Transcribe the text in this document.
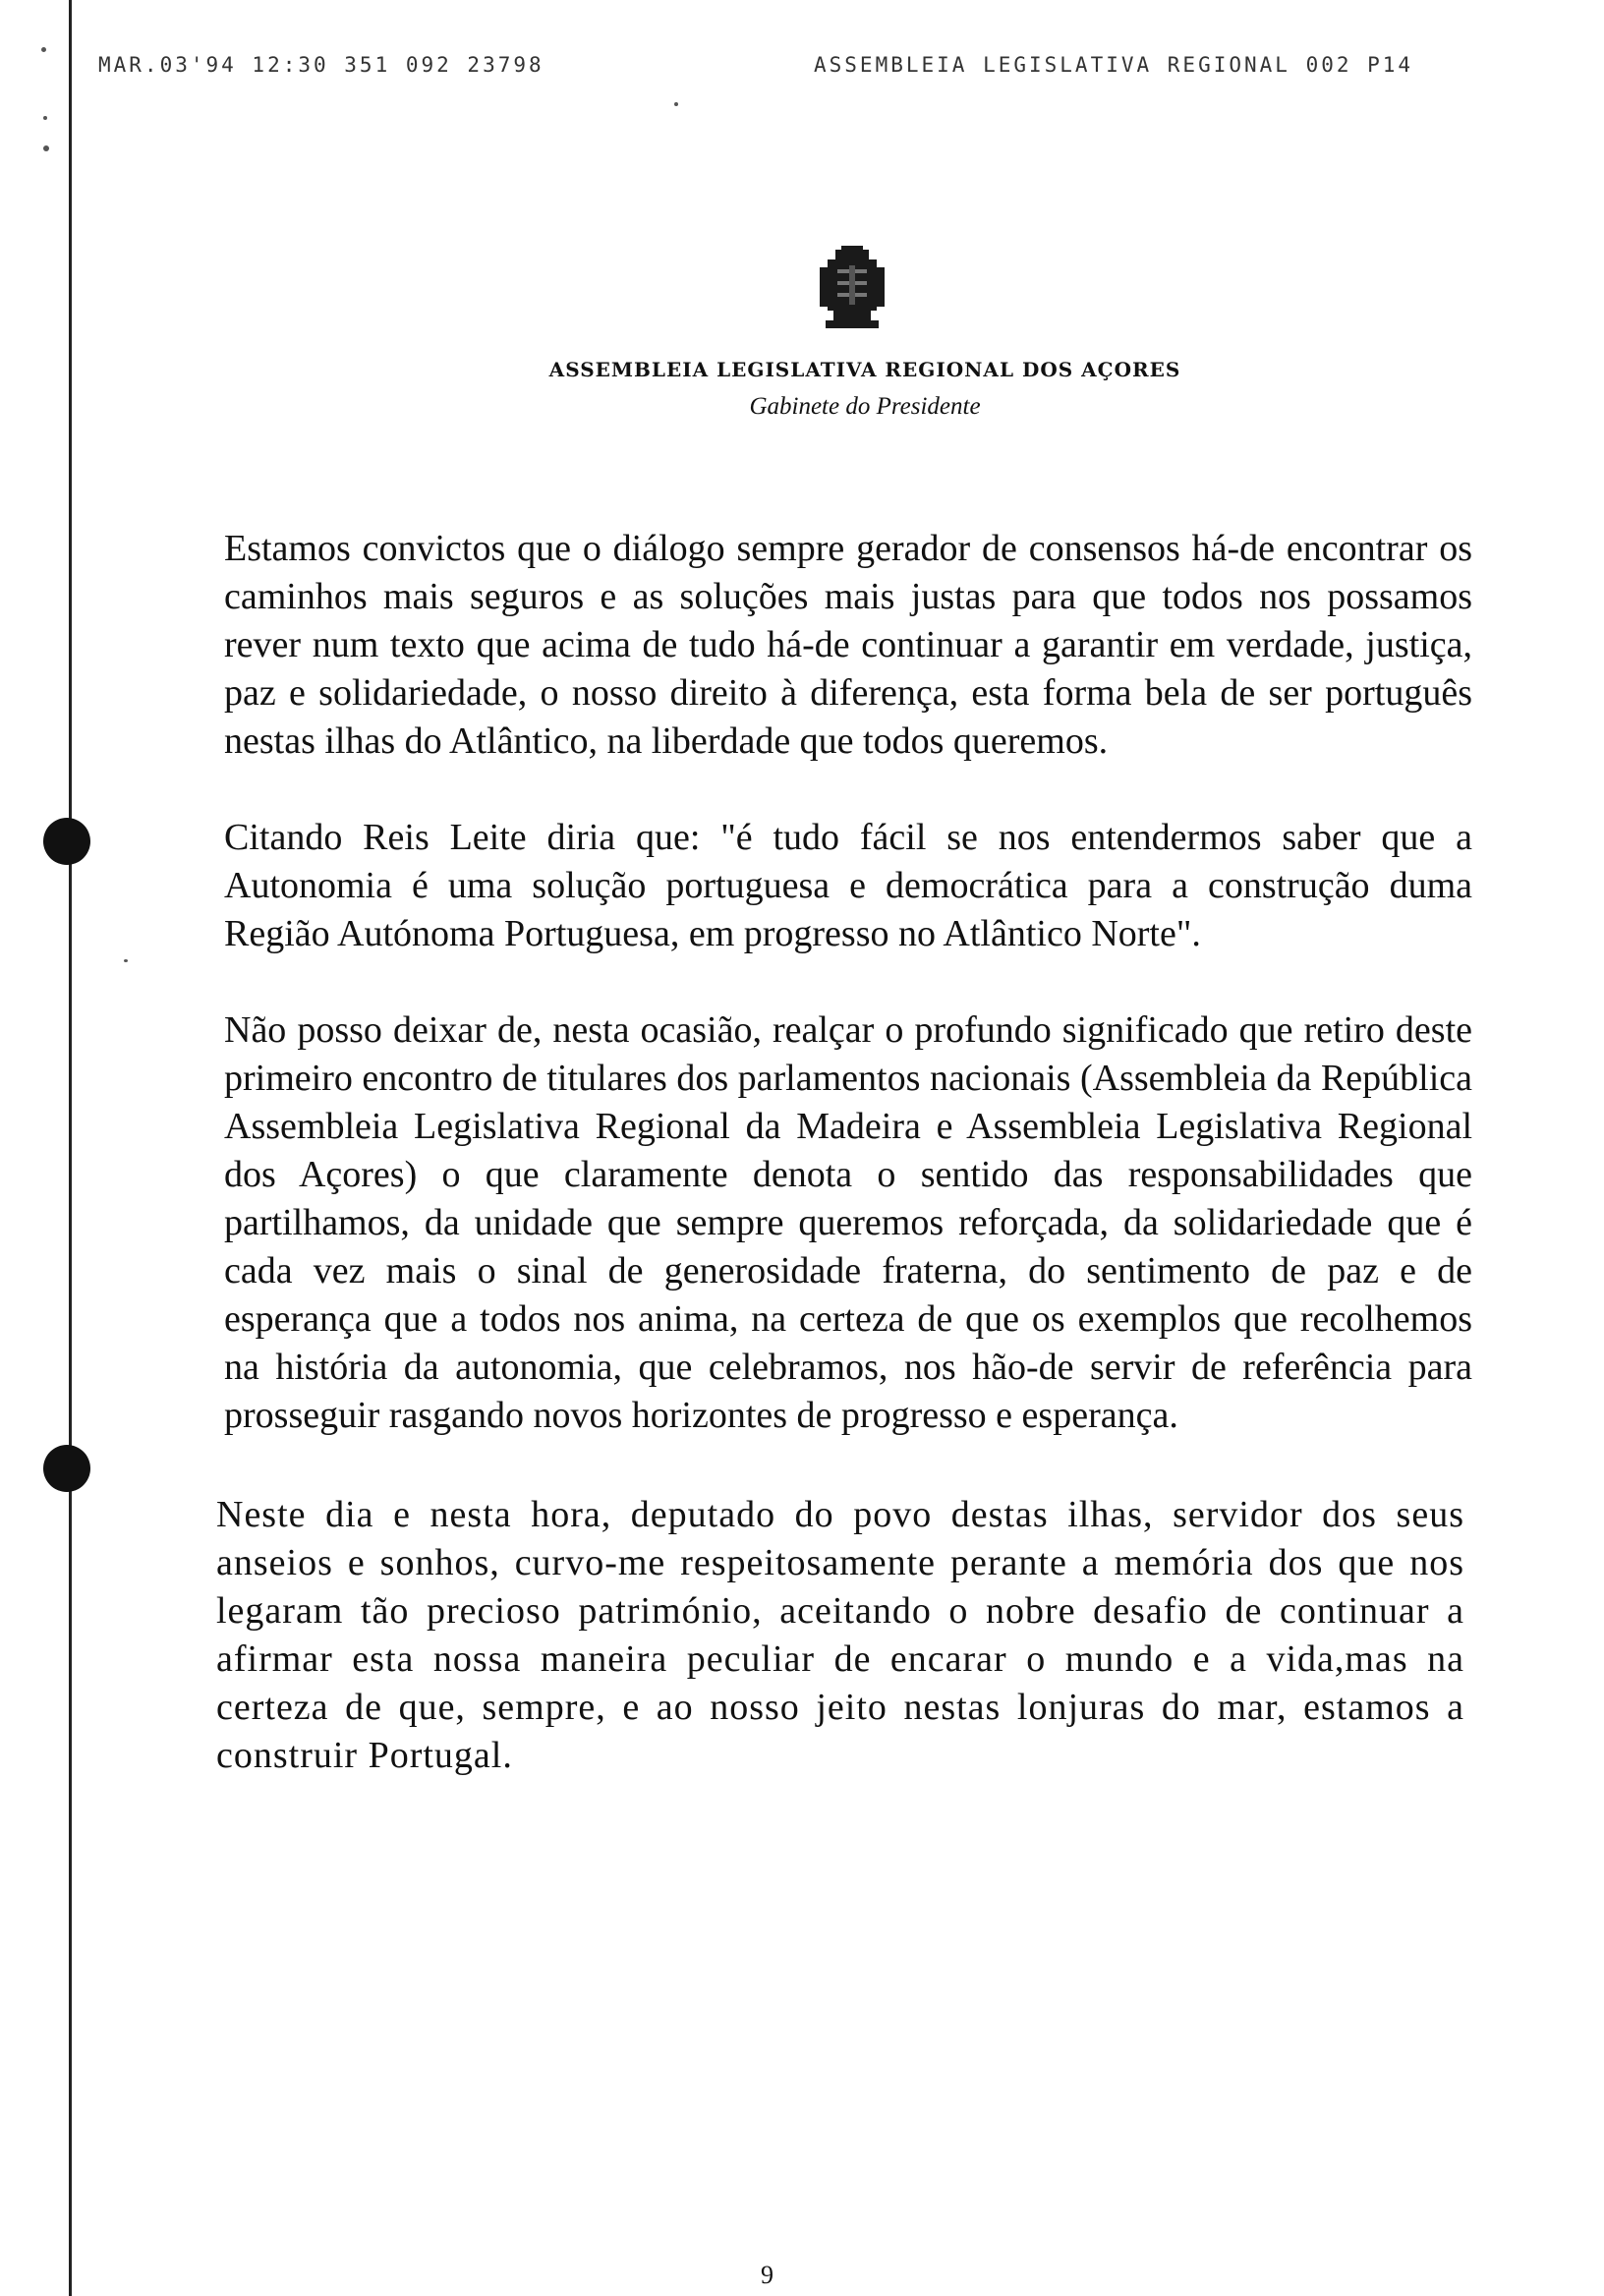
MAR.03'94 12:30 351 092 23798	ASSEMBLEIA LEGISLATIVA REGIONAL 002 P14
ASSEMBLEIA LEGISLATIVA REGIONAL DOS AÇORES
Gabinete do Presidente

Estamos convictos que o diálogo sempre gerador de consensos há-de encontrar os caminhos mais seguros e as soluções mais justas para que todos nos possamos rever num texto que acima de tudo há-de continuar a garantir em verdade, justiça, paz e solidariedade, o nosso direito à diferença, esta forma bela de ser português nestas ilhas do Atlântico, na liberdade que todos queremos.

Citando Reis Leite diria que: "é tudo fácil se nos entendermos saber que a Autonomia é uma solução portuguesa e democrática para a construção duma Região Autónoma Portuguesa, em progresso no Atlântico Norte".

Não posso deixar de, nesta ocasião, realçar o profundo significado que retiro deste primeiro encontro de titulares dos parlamentos nacionais (Assembleia da República Assembleia Legislativa Regional da Madeira e Assembleia Legislativa Regional dos Açores) o que claramente denota o sentido das responsabilidades que partilhamos, da unidade que sempre queremos reforçada, da solidariedade que é cada vez mais o sinal de generosidade fraterna, do sentimento de paz e de esperança que a todos nos anima, na certeza de que os exemplos que recolhemos na história da autonomia, que celebramos, nos hão-de servir de referência para prosseguir rasgando novos horizontes de progresso e esperança.

Neste dia e nesta hora, deputado do povo destas ilhas, servidor dos seus anseios e sonhos, curvo-me respeitosamente perante a memória dos que nos legaram tão precioso património, aceitando o nobre desafio de continuar a afirmar esta nossa maneira peculiar de encarar o mundo e a vida,mas na certeza de que, sempre, e ao nosso jeito nestas lonjuras do mar, estamos a construir Portugal.

9
